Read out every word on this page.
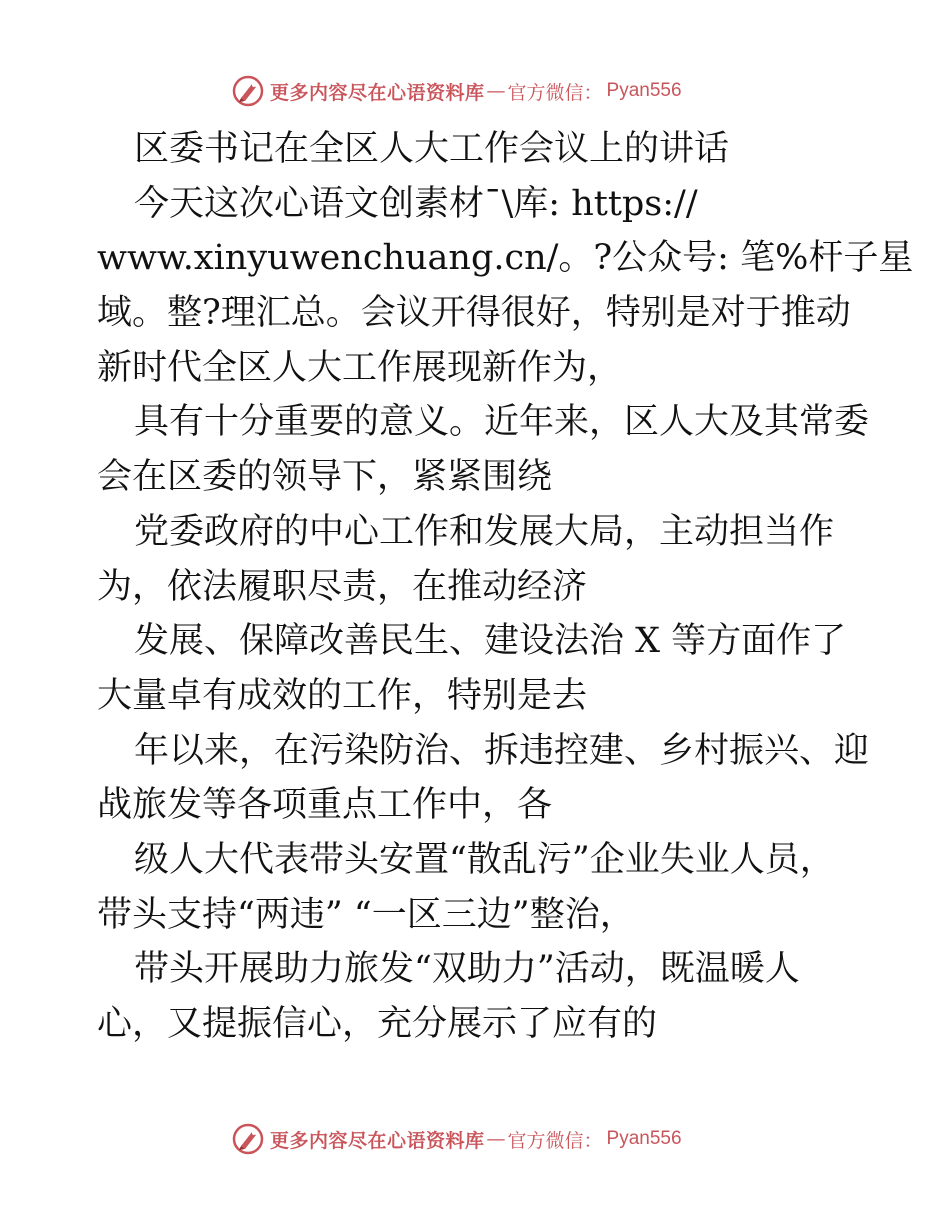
更多内容尽在心语资料库 — 官方微信： Pyan556
区委书记在全区人大工作会议上的讲话
今天这次心语文创素材¯\库: https://
www.xinyuwenchuang.cn/。?公众号: 笔%杆子星
域。整?理汇总。会议开得很好，特别是对于推动
新时代全区人大工作展现新作为，
具有十分重要的意义。近年来，区人大及其常委
会在区委的领导下，紧紧围绕
党委政府的中心工作和发展大局，主动担当作
为，依法履职尽责，在推动经济
发展、保障改善民生、建设法治 X 等方面作了
大量卓有成效的工作，特别是去
年以来，在污染防治、拆违控建、乡村振兴、迎
战旅发等各项重点工作中，各
级人大代表带头安置“散乱污”企业失业人员，
带头支持“两违” “一区三边”整治，
带头开展助力旅发“双助力”活动，既温暖人
心，又提振信心，充分展示了应有的
更多内容尽在心语资料库 — 官方微信： Pyan556
